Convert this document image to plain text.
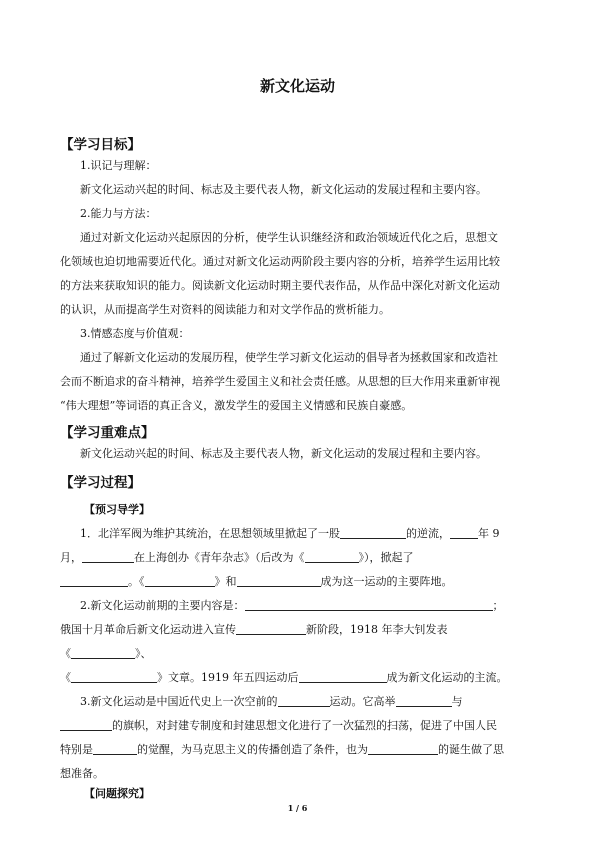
新文化运动
【学习目标】
1.识记与理解：
新文化运动兴起的时间、标志及主要代表人物，新文化运动的发展过程和主要内容。
2.能力与方法：
通过对新文化运动兴起原因的分析，使学生认识继经济和政治领域近代化之后，思想文
化领域也迫切地需要近代化。通过对新文化运动两阶段主要内容的分析，培养学生运用比较
的方法来获取知识的能力。阅读新文化运动时期主要代表作品，从作品中深化对新文化运动
的认识，从而提高学生对资料的阅读能力和对文学作品的赏析能力。
3.情感态度与价值观：
通过了解新文化运动的发展历程，使学生学习新文化运动的倡导者为拯救国家和改造社
会而不断追求的奋斗精神，培养学生爱国主义和社会责任感。从思想的巨大作用来重新审视
“伟大理想”等词语的真正含义，激发学生的爱国主义情感和民族自豪感。
【学习重难点】
新文化运动兴起的时间、标志及主要代表人物，新文化运动的发展过程和主要内容。
【学习过程】
【预习导学】
1．北洋军阀为维护其统治，在思想领域里掀起了一股	的逆流，	年 9
月，	在上海创办《青年杂志》（后改为《	》），掀起了
。《	》和	成为这一运动的主要阵地。
2.新文化运动前期的主要内容是：	；
俄国十月革命后新文化运动进入宣传	新阶段，1918 年李大钊发表
《	》、
《	》文章。1919 年五四运动后	成为新文化运动的主流。
3.新文化运动是中国近代史上一次空前的	运动。它高举	与
的旗帜，对封建专制度和封建思想文化进行了一次猛烈的扫荡，促进了中国人民
特别是	的觉醒，为马克思主义的传播创造了条件，也为	的诞生做了思
想准备。
【问题探究】
1 / 6
